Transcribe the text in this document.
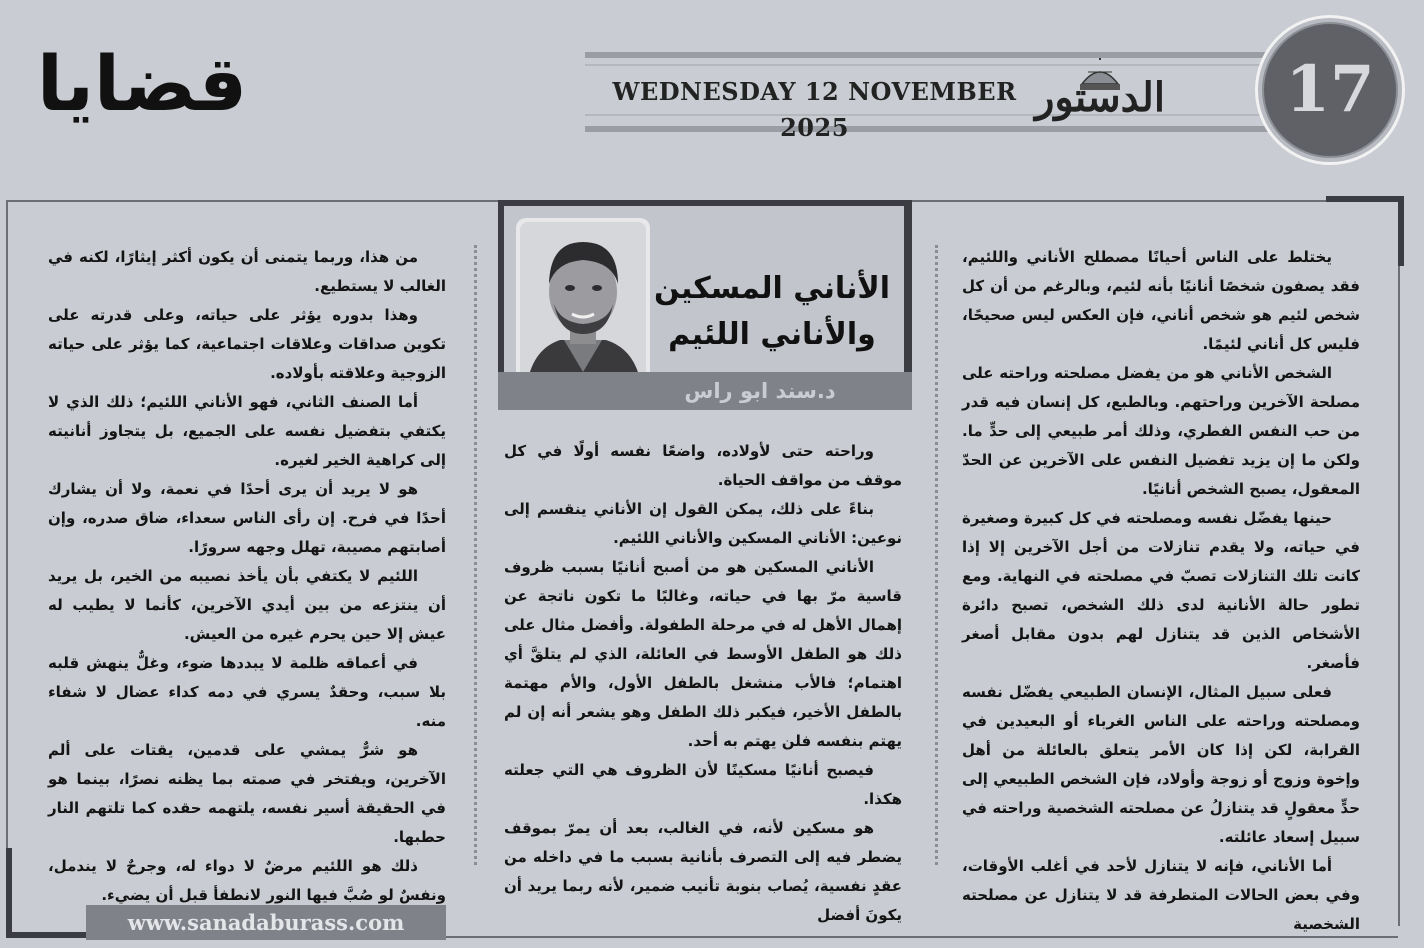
قضايا	WEDNESDAY 12 NOVEMBER 2025
الدستور	17
الأناني المسكين
والأناني اللئيم
د.سند ابو راس

يختلط على الناس أحيانًا مصطلح الأناني واللئيم، فقد يصفون شخصًا أنانيًا بأنه لئيم، وبالرغم من أن كل شخص لئيم هو شخص أناني، فإن العكس ليس صحيحًا، فليس كل أناني لئيمًا.

الشخص الأناني هو من يفضل مصلحته وراحته على مصلحة الآخرين وراحتهم. وبالطبع، كل إنسان فيه قدر من حب النفس الفطري، وذلك أمر طبيعي إلى حدٍّ ما. ولكن ما إن يزيد تفضيل النفس على الآخرين عن الحدّ المعقول، يصبح الشخص أنانيًا.

حينها يفضّل نفسه ومصلحته في كل كبيرة وصغيرة في حياته، ولا يقدم تنازلات من أجل الآخرين إلا إذا كانت تلك التنازلات تصبّ في مصلحته في النهاية. ومع تطور حالة الأنانية لدى ذلك الشخص، تصبح دائرة الأشخاص الذين قد يتنازل لهم بدون مقابل أصغر فأصغر.

فعلى سبيل المثال، الإنسان الطبيعي يفضّل نفسه ومصلحته وراحته على الناس الغرباء أو البعيدين في القرابة، لكن إذا كان الأمر يتعلق بالعائلة من أهل وإخوة وزوج أو زوجة وأولاد، فإن الشخص الطبيعي إلى حدٍّ معقولٍ قد يتنازلُ عن مصلحته الشخصية وراحته في سبيل إسعاد عائلته.

أما الأناني، فإنه لا يتنازل لأحد في أغلب الأوقات، وفي بعض الحالات المتطرفة قد لا يتنازل عن مصلحته الشخصية

وراحته حتى لأولاده، واضعًا نفسه أولًا في كل موقف من مواقف الحياة.

بناءً على ذلك، يمكن القول إن الأناني ينقسم إلى نوعين: الأناني المسكين والأناني اللئيم.

الأناني المسكين هو من أصبح أنانيًا بسبب ظروف قاسية مرّ بها في حياته، وغالبًا ما تكون ناتجة عن إهمال الأهل له في مرحلة الطفولة. وأفضل مثال على ذلك هو الطفل الأوسط في العائلة، الذي لم يتلقَّ أي اهتمام؛ فالأب منشغل بالطفل الأول، والأم مهتمة بالطفل الأخير، فيكبر ذلك الطفل وهو يشعر أنه إن لم يهتم بنفسه فلن يهتم به أحد.

فيصبح أنانيًا مسكينًا لأن الظروف هي التي جعلته هكذا.

هو مسكين لأنه، في الغالب، بعد أن يمرّ بموقف يضطر فيه إلى التصرف بأنانية بسبب ما في داخله من عقدٍ نفسية، يُصاب بنوبة تأنيب ضمير، لأنه ربما يريد أن يكونَ أفضل

من هذا، وربما يتمنى أن يكون أكثر إيثارًا، لكنه في الغالب لا يستطيع.

وهذا بدوره يؤثر على حياته، وعلى قدرته على تكوين صداقات وعلاقات اجتماعية، كما يؤثر على حياته الزوجية وعلاقته بأولاده.

أما الصنف الثاني، فهو الأناني اللئيم؛ ذلك الذي لا يكتفي بتفضيل نفسه على الجميع، بل يتجاوز أنانيته إلى كراهية الخير لغيره.

هو لا يريد أن يرى أحدًا في نعمة، ولا أن يشارك أحدًا في فرح. إن رأى الناس سعداء، ضاق صدره، وإن أصابتهم مصيبة، تهلل وجهه سرورًا.

اللئيم لا يكتفي بأن يأخذ نصيبه من الخير، بل يريد أن ينتزعه من بين أيدي الآخرين، كأنما لا يطيب له عيش إلا حين يحرم غيره من العيش.

في أعماقه ظلمة لا يبددها ضوء، وغلٌّ ينهش قلبه بلا سبب، وحقدٌ يسري في دمه كداء عضال لا شفاء منه.

هو شرٌّ يمشي على قدمين، يقتات على ألم الآخرين، ويفتخر في صمته بما يظنه نصرًا، بينما هو في الحقيقة أسير نفسه، يلتهمه حقده كما تلتهم النار حطبها.

ذلك هو اللئيم مرضٌ لا دواء له، وجرحٌ لا يندمل، ونفسٌ لو صُبَّ فيها النور لانطفأ قبل أن يضيء.

www.sanadaburass.com
